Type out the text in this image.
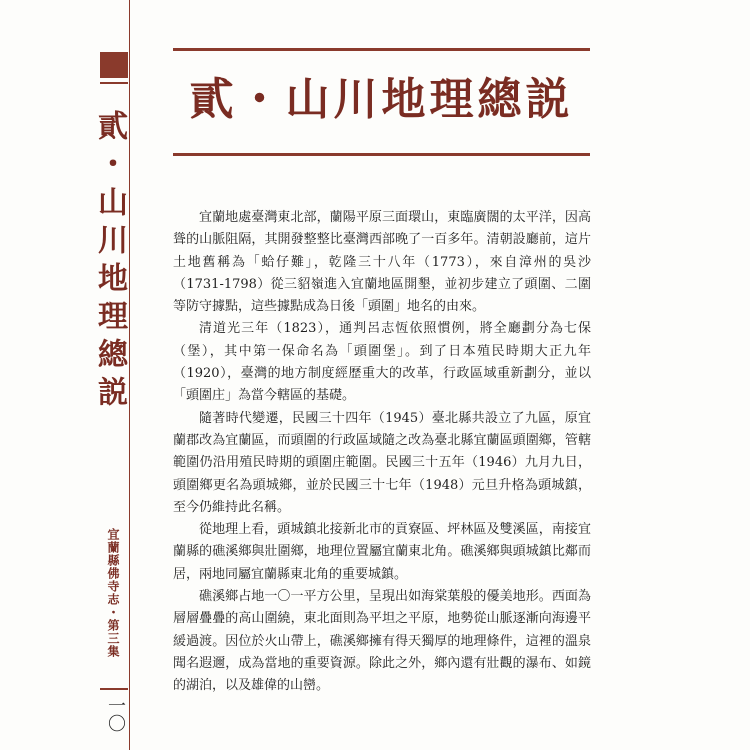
貳・山川地理總説
宜蘭縣佛寺志・第三集
一〇
貳・山川地理總説

宜蘭地處臺灣東北部，蘭陽平原三面環山，東臨廣闊的太平洋，因高聳的山脈阻隔，其開發整整比臺灣西部晚了一百多年。清朝設廳前，這片土地舊稱為「蛤仔難」，乾隆三十八年（1773），來自漳州的吳沙（1731-1798）從三貂嶺進入宜蘭地區開墾，並初步建立了頭圍、二圍等防守據點，這些據點成為日後「頭圍」地名的由來。

清道光三年（1823），通判呂志恆依照慣例，將全廳劃分為七保（堡），其中第一保命名為「頭圍堡」。到了日本殖民時期大正九年（1920），臺灣的地方制度經歷重大的改革，行政區域重新劃分，並以「頭圍庄」為當今轄區的基礎。

隨著時代變遷，民國三十四年（1945）臺北縣共設立了九區，原宜蘭郡改為宜蘭區，而頭圍的行政區域隨之改為臺北縣宜蘭區頭圍鄉，管轄範圍仍沿用殖民時期的頭圍庄範圍。民國三十五年（1946）九月九日，頭圍鄉更名為頭城鄉，並於民國三十七年（1948）元旦升格為頭城鎮，至今仍維持此名稱。

從地理上看，頭城鎮北接新北市的貢寮區、坪林區及雙溪區，南接宜蘭縣的礁溪鄉與壯圍鄉，地理位置屬宜蘭東北角。礁溪鄉與頭城鎮比鄰而居，兩地同屬宜蘭縣東北角的重要城鎮。

礁溪鄉占地一〇一平方公里，呈現出如海棠葉般的優美地形。西面為層層疊疊的高山圍繞，東北面則為平坦之平原，地勢從山脈逐漸向海邊平緩過渡。因位於火山帶上，礁溪鄉擁有得天獨厚的地理條件，這裡的溫泉聞名遐邇，成為當地的重要資源。除此之外，鄉內還有壯觀的瀑布、如鏡的湖泊，以及雄偉的山巒。
